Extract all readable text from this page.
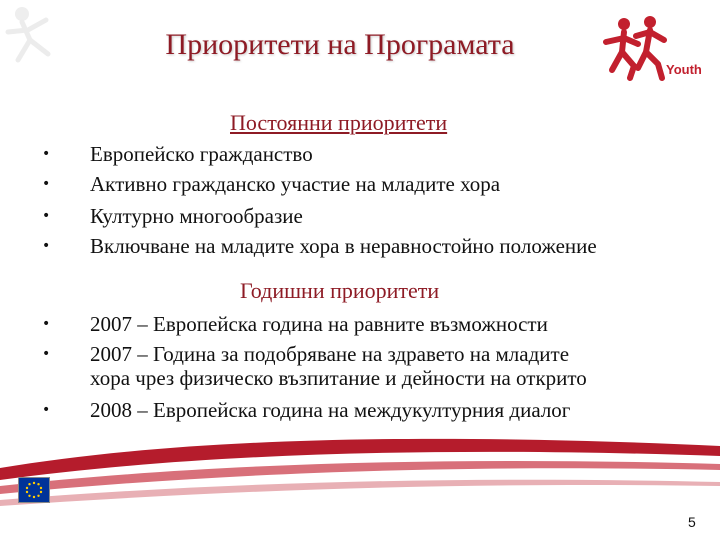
Приоритети на Програмата
Youth
Постоянни приоритети
• Европейско гражданство
• Активно гражданско участие на младите хора
• Културно многообразие
• Включване на младите хора в неравностойно положение
Годишни приоритети
• 2007 – Европейска година на равните възможности
• 2007 – Година за подобряване на здравето на младите
хора чрез физическо възпитание и дейности на открито
• 2008 – Европейска година на междукултурния диалог
5
